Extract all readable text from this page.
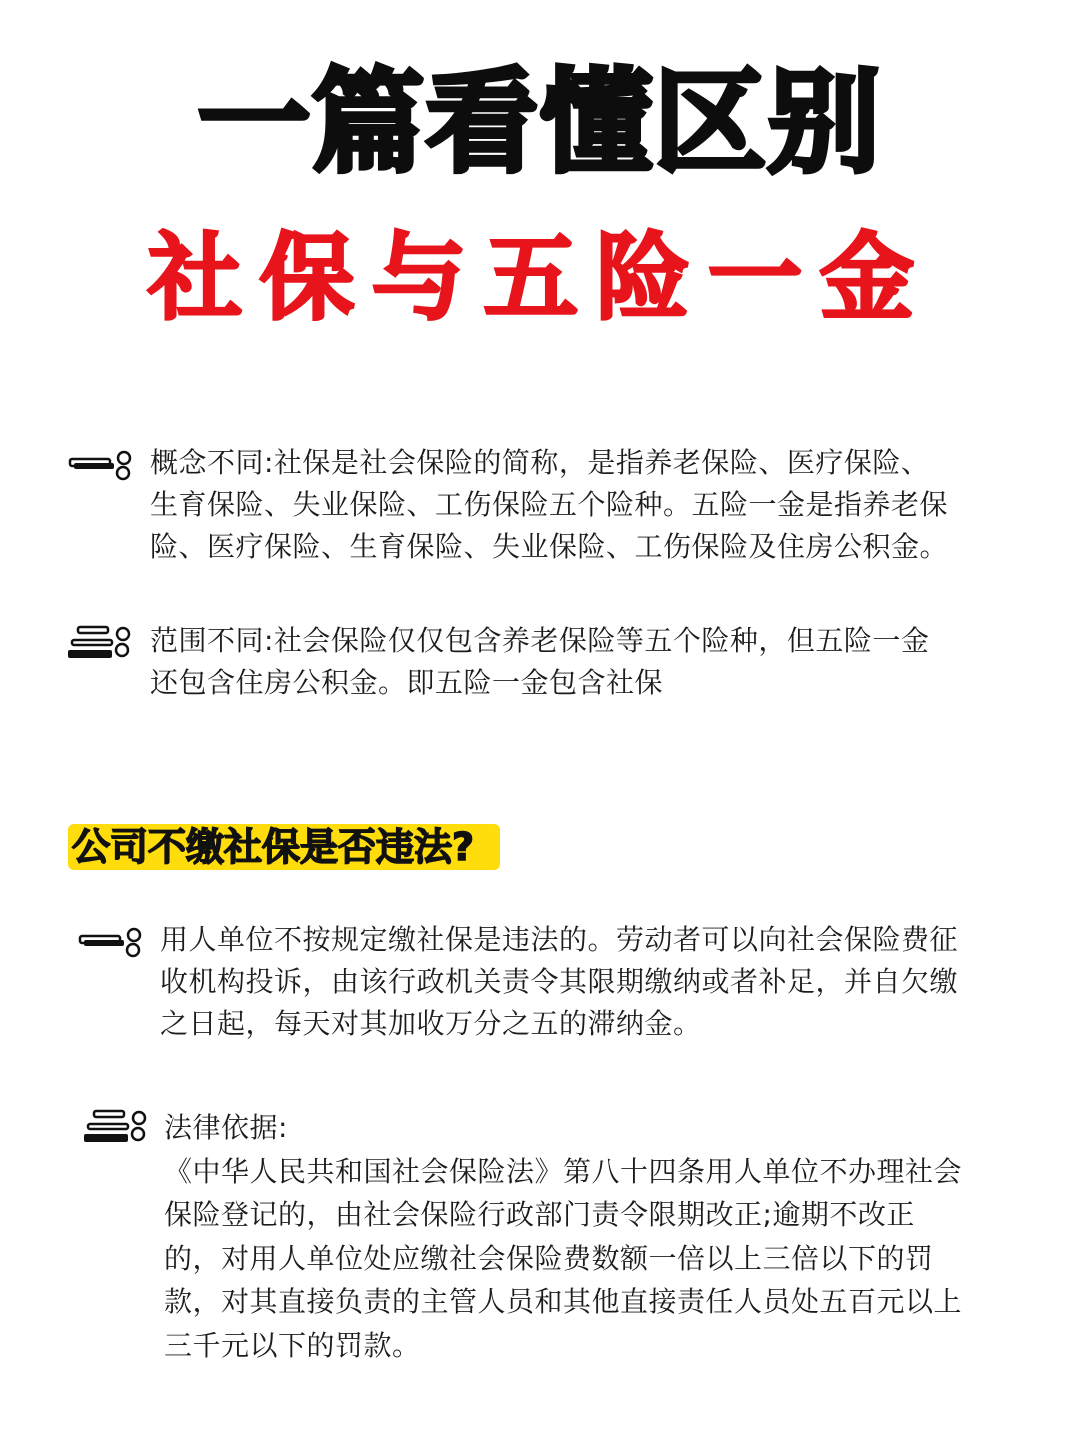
一篇看懂区别
社保与五险一金
概念不同:社保是社会保险的简称，是指养老保险、医疗保险、
生育保险、失业保险、工伤保险五个险种。五险一金是指养老保
险、医疗保险、生育保险、失业保险、工伤保险及住房公积金。
范围不同:社会保险仅仅包含养老保险等五个险种，但五险一金
还包含住房公积金。即五险一金包含社保
公司不缴社保是否违法?
用人单位不按规定缴社保是违法的。劳动者可以向社会保险费征
收机构投诉，由该行政机关责令其限期缴纳或者补足，并自欠缴
之日起，每天对其加收万分之五的滞纳金。
法律依据:
《中华人民共和国社会保险法》第八十四条用人单位不办理社会
保险登记的，由社会保险行政部门责令限期改正;逾期不改正
的，对用人单位处应缴社会保险费数额一倍以上三倍以下的罚
款，对其直接负责的主管人员和其他直接责任人员处五百元以上
三千元以下的罚款。
